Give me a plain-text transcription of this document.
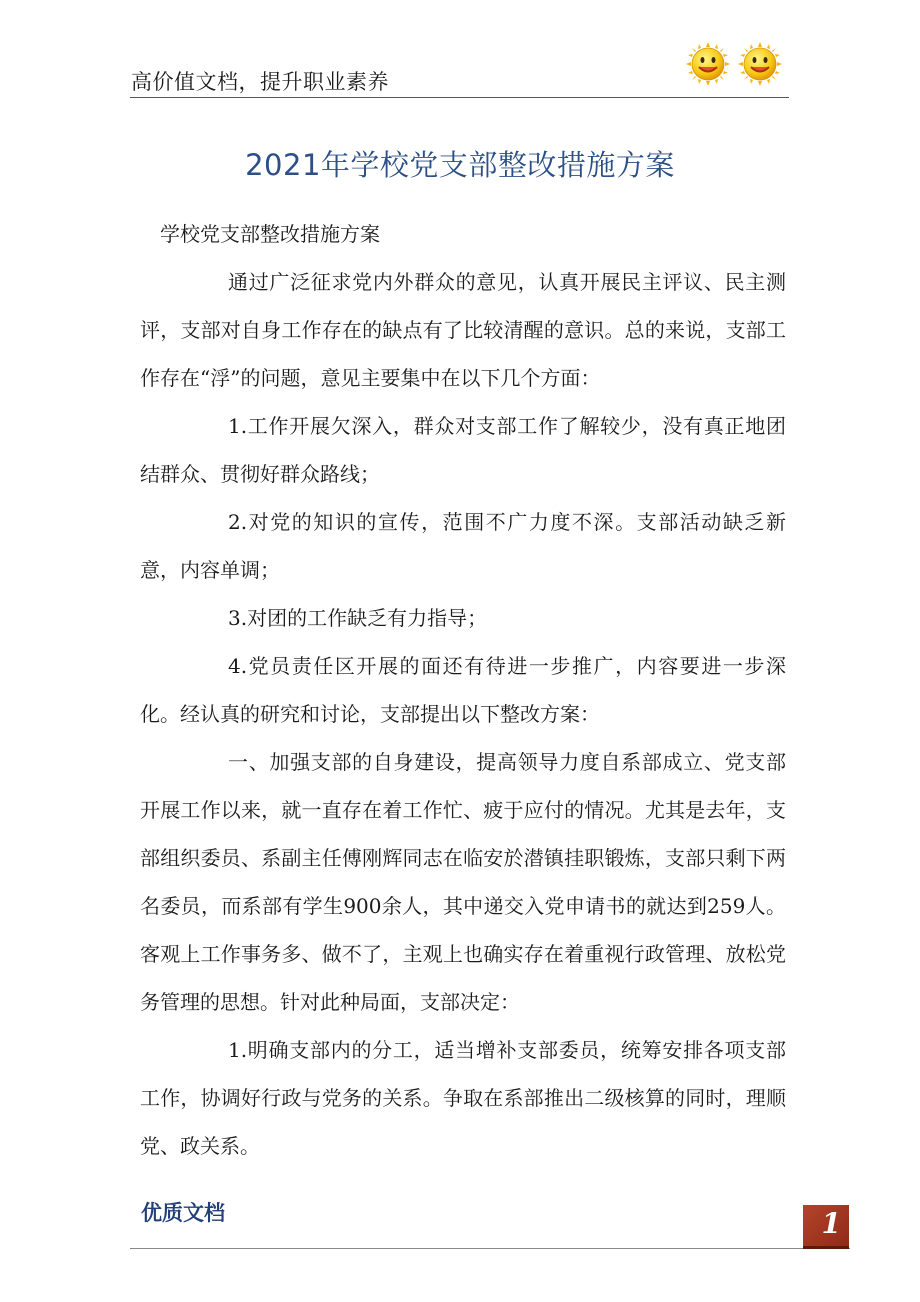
高价值文档，提升职业素养
2021年学校党支部整改措施方案

学校党支部整改措施方案

通过广泛征求党内外群众的意见，认真开展民主评议、民主测评，支部对自身工作存在的缺点有了比较清醒的意识。总的来说，支部工作存在“浮”的问题，意见主要集中在以下几个方面：

1.工作开展欠深入，群众对支部工作了解较少，没有真正地团结群众、贯彻好群众路线；

2.对党的知识的宣传，范围不广力度不深。支部活动缺乏新意，内容单调；

3.对团的工作缺乏有力指导；

4.党员责任区开展的面还有待进一步推广，内容要进一步深化。经认真的研究和讨论，支部提出以下整改方案：

一、加强支部的自身建设，提高领导力度自系部成立、党支部开展工作以来，就一直存在着工作忙、疲于应付的情况。尤其是去年，支部组织委员、系副主任傅刚辉同志在临安於潜镇挂职锻炼，支部只剩下两名委员，而系部有学生900余人，其中递交入党申请书的就达到259人。客观上工作事务多、做不了，主观上也确实存在着重视行政管理、放松党务管理的思想。针对此种局面，支部决定：

1.明确支部内的分工，适当增补支部委员，统筹安排各项支部工作，协调好行政与党务的关系。争取在系部推出二级核算的同时，理顺党、政关系。

优质文档	1
